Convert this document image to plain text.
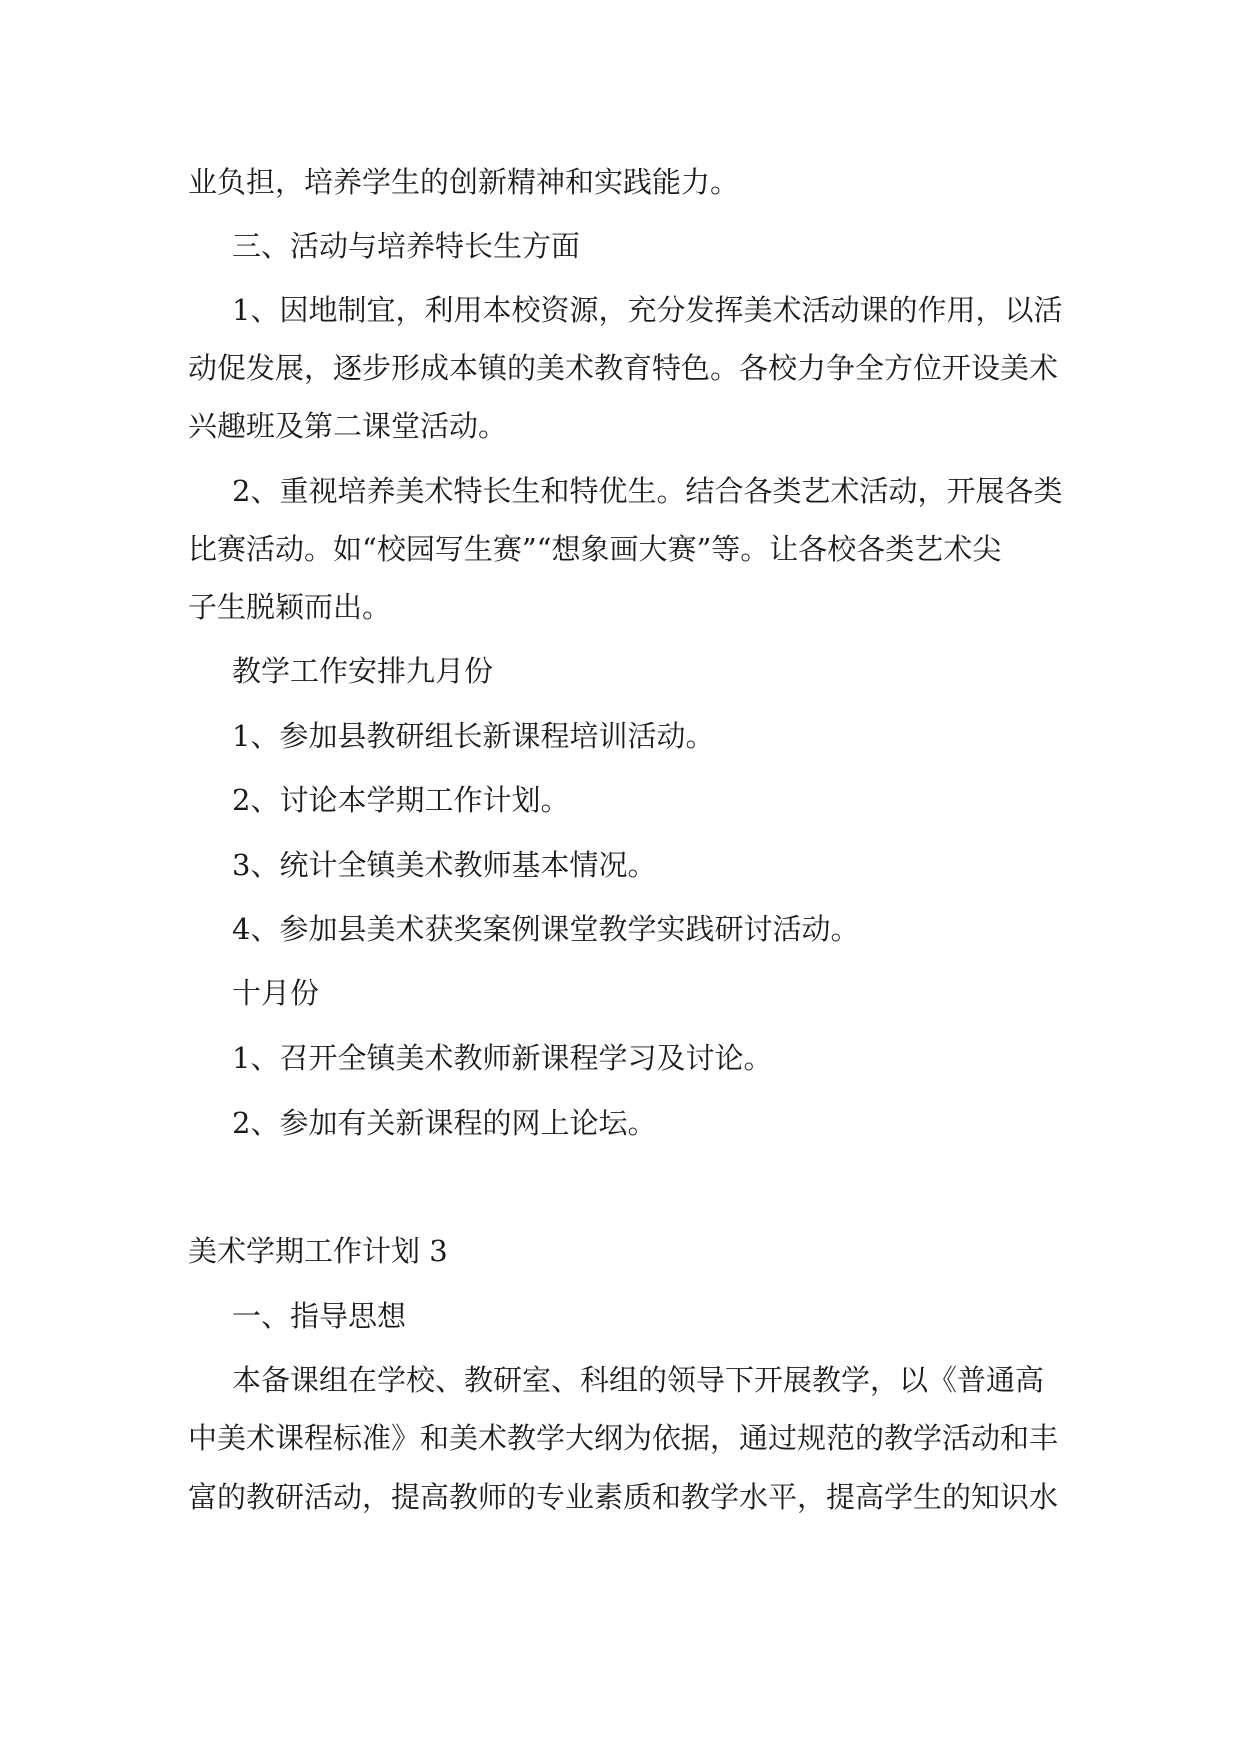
业负担，培养学生的创新精神和实践能力。

三、活动与培养特长生方面

1、因地制宜，利用本校资源，充分发挥美术活动课的作用，以活

动促发展，逐步形成本镇的美术教育特色。各校力争全方位开设美术

兴趣班及第二课堂活动。

2、重视培养美术特长生和特优生。结合各类艺术活动，开展各类

比赛活动。如“校园写生赛”“想象画大赛”等。让各校各类艺术尖

子生脱颖而出。

教学工作安排九月份

1、参加县教研组长新课程培训活动。

2、讨论本学期工作计划。

3、统计全镇美术教师基本情况。

4、参加县美术获奖案例课堂教学实践研讨活动。

十月份

1、召开全镇美术教师新课程学习及讨论。

2、参加有关新课程的网上论坛。

美术学期工作计划 3

一、指导思想

本备课组在学校、教研室、科组的领导下开展教学，以《普通高

中美术课程标准》和美术教学大纲为依据，通过规范的教学活动和丰

富的教研活动，提高教师的专业素质和教学水平，提高学生的知识水
